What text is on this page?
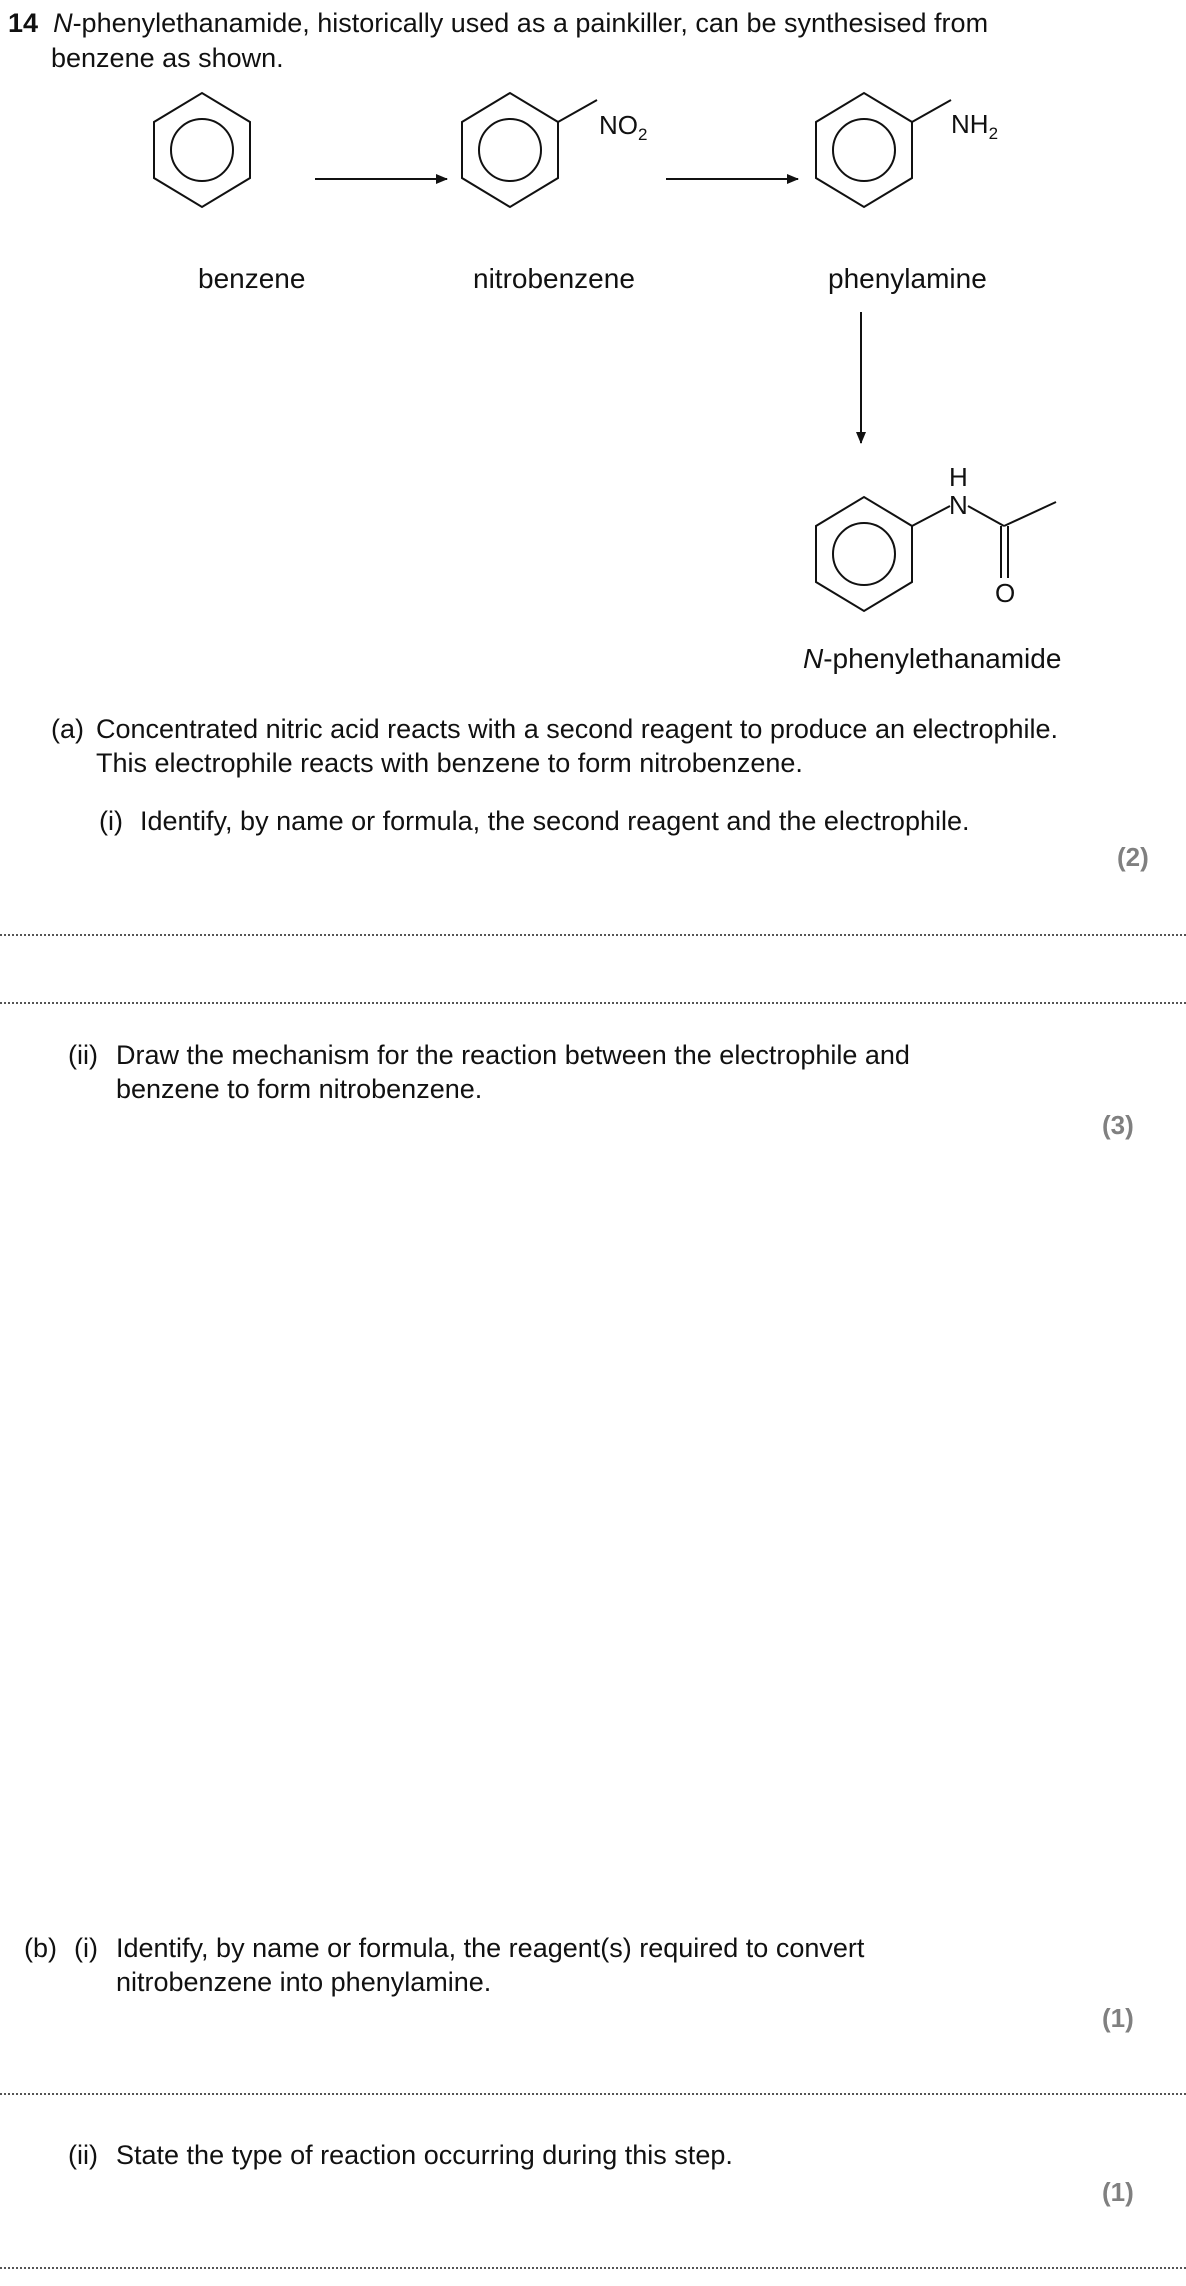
14 N-phenylethanamide, historically used as a painkiller, can be synthesised from
benzene as shown.
$NO_2$	$NH_2$
H
N
O
benzene	nitrobenzene	phenylamine
N-phenylethanamide
(a) Concentrated nitric acid reacts with a second reagent to produce an electrophile.
This electrophile reacts with benzene to form nitrobenzene.
(i) Identify, by name or formula, the second reagent and the electrophile.
(2)
(ii) Draw the mechanism for the reaction between the electrophile and
benzene to form nitrobenzene.
(3)
(b) (i) Identify, by name or formula, the reagent(s) required to convert
nitrobenzene into phenylamine.
(1)
(ii) State the type of reaction occurring during this step.
(1)
